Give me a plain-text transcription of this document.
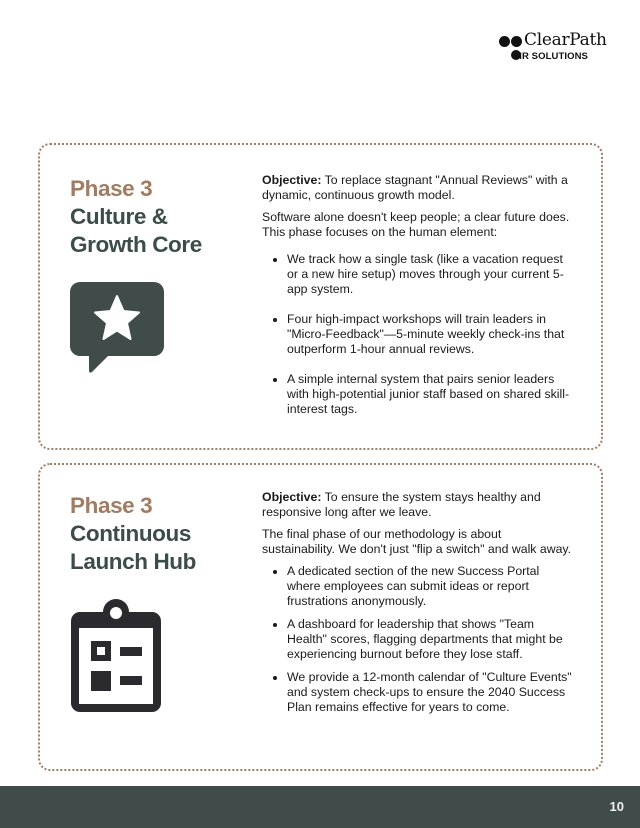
ClearPath
HR SOLUTIONS
Phase 3
Culture &
Growth Core

Objective: To replace stagnant "Annual Reviews" with a dynamic, continuous growth model.

Software alone doesn't keep people; a clear future does. This phase focuses on the human element:

We track how a single task (like a vacation request or a new hire setup) moves through your current 5-app system.
Four high-impact workshops will train leaders in "Micro-Feedback"—5-minute weekly check-ins that outperform 1-hour annual reviews.
A simple internal system that pairs senior leaders with high-potential junior staff based on shared skill-interest tags.
Phase 3
Continuous
Launch Hub

Objective: To ensure the system stays healthy and responsive long after we leave.

The final phase of our methodology is about sustainability. We don't just "flip a switch" and walk away.

A dedicated section of the new Success Portal where employees can submit ideas or report frustrations anonymously.
A dashboard for leadership that shows "Team Health" scores, flagging departments that might be experiencing burnout before they lose staff.
We provide a 12-month calendar of "Culture Events" and system check-ups to ensure the 2040 Success Plan remains effective for years to come.
10
